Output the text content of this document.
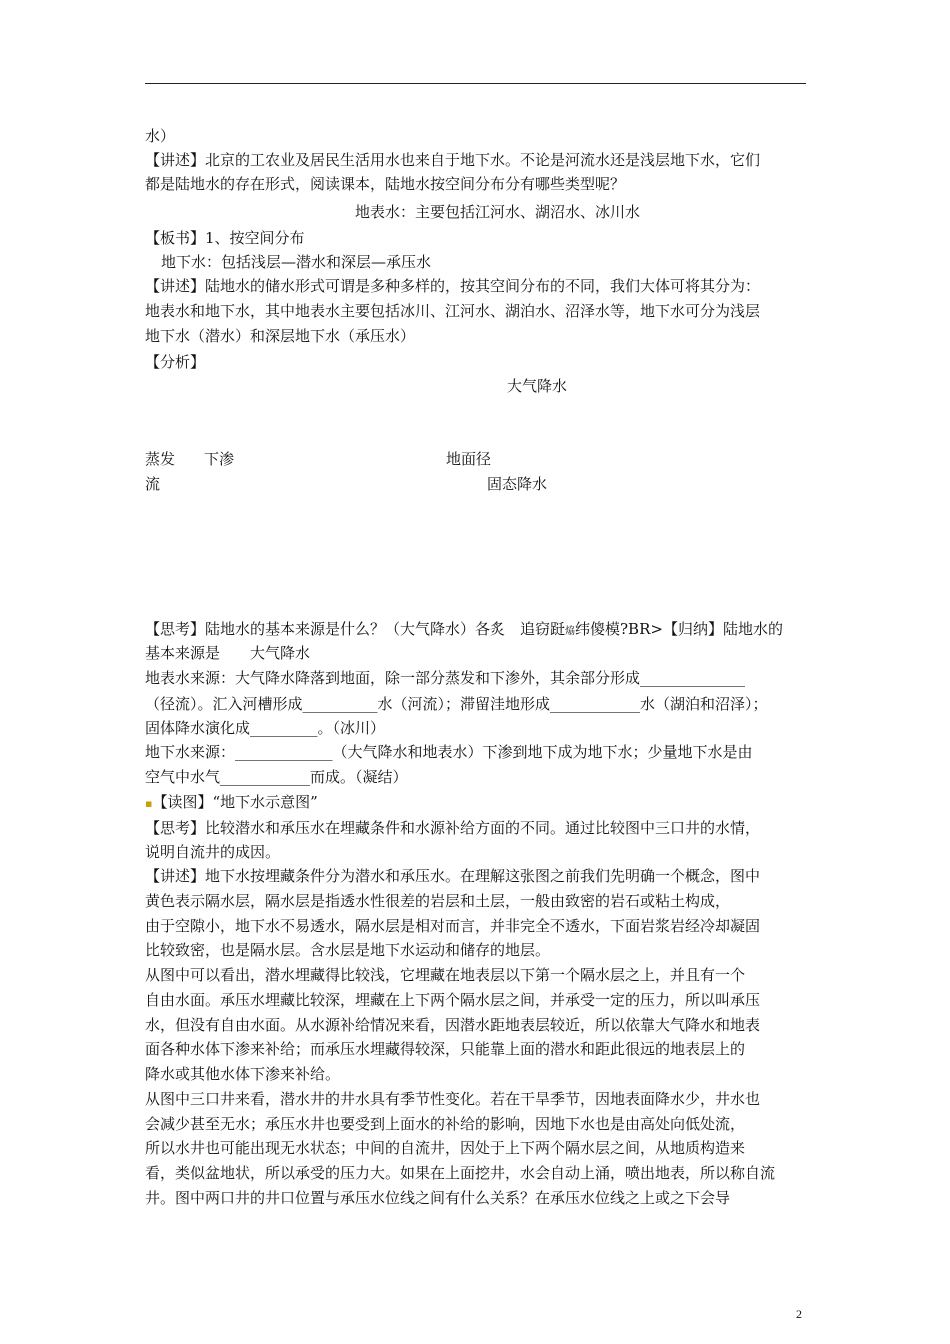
水）
【讲述】北京的工农业及居民生活用水也来自于地下水。不论是河流水还是浅层地下水，它们
都是陆地水的存在形式，阅读课本，陆地水按空间分布分有哪些类型呢？
地表水：主要包括江河水、湖沼水、冰川水
【板书】1、按空间分布
地下水：包括浅层—潜水和深层—承压水
【讲述】陆地水的储水形式可谓是多种多样的，按其空间分布的不同，我们大体可将其分为：
地表水和地下水，其中地表水主要包括冰川、江河水、湖泊水、沼泽水等，地下水可分为浅层
地下水（潜水）和深层地下水（承压水）
【分析】
大气降水
蒸发	下渗	地面径
流	固态降水
【思考】陆地水的基本来源是什么？（大气降水）各炙　追窃跹㶸纬傻模?BR>【归纳】陆地水的
基本来源是　　大气降水
地表水来源：大气降水降落到地面，除一部分蒸发和下渗外，其余部分形成______________
（径流）。汇入河槽形成__________水（河流）；滞留洼地形成____________水（湖泊和沼泽）；
固体降水演化成_________。（冰川）
地下水来源：_____________（大气降水和地表水）下渗到地下成为地下水；少量地下水是由
空气中水气____________而成。（凝结）
▪【读图】“地下水示意图”
【思考】比较潜水和承压水在埋藏条件和水源补给方面的不同。通过比较图中三口井的水情，
说明自流井的成因。
【讲述】地下水按埋藏条件分为潜水和承压水。在理解这张图之前我们先明确一个概念，图中
黄色表示隔水层，隔水层是指透水性很差的岩层和土层，一般由致密的岩石或粘土构成，
由于空隙小，地下水不易透水，隔水层是相对而言，并非完全不透水，下面岩浆岩经冷却凝固
比较致密，也是隔水层。含水层是地下水运动和储存的地层。
从图中可以看出，潜水埋藏得比较浅，它埋藏在地表层以下第一个隔水层之上，并且有一个
自由水面。承压水埋藏比较深，埋藏在上下两个隔水层之间，并承受一定的压力，所以叫承压
水，但没有自由水面。从水源补给情况来看，因潜水距地表层较近，所以依靠大气降水和地表
面各种水体下渗来补给；而承压水埋藏得较深，只能靠上面的潜水和距此很远的地表层上的
降水或其他水体下渗来补给。
从图中三口井来看，潜水井的井水具有季节性变化。若在干旱季节，因地表面降水少，井水也
会减少甚至无水；承压水井也要受到上面水的补给的影响，因地下水也是由高处向低处流，
所以水井也可能出现无水状态；中间的自流井，因处于上下两个隔水层之间，从地质构造来
看，类似盆地状，所以承受的压力大。如果在上面挖井，水会自动上涌，喷出地表，所以称自流
井。图中两口井的井口位置与承压水位线之间有什么关系？在承压水位线之上或之下会导
2
